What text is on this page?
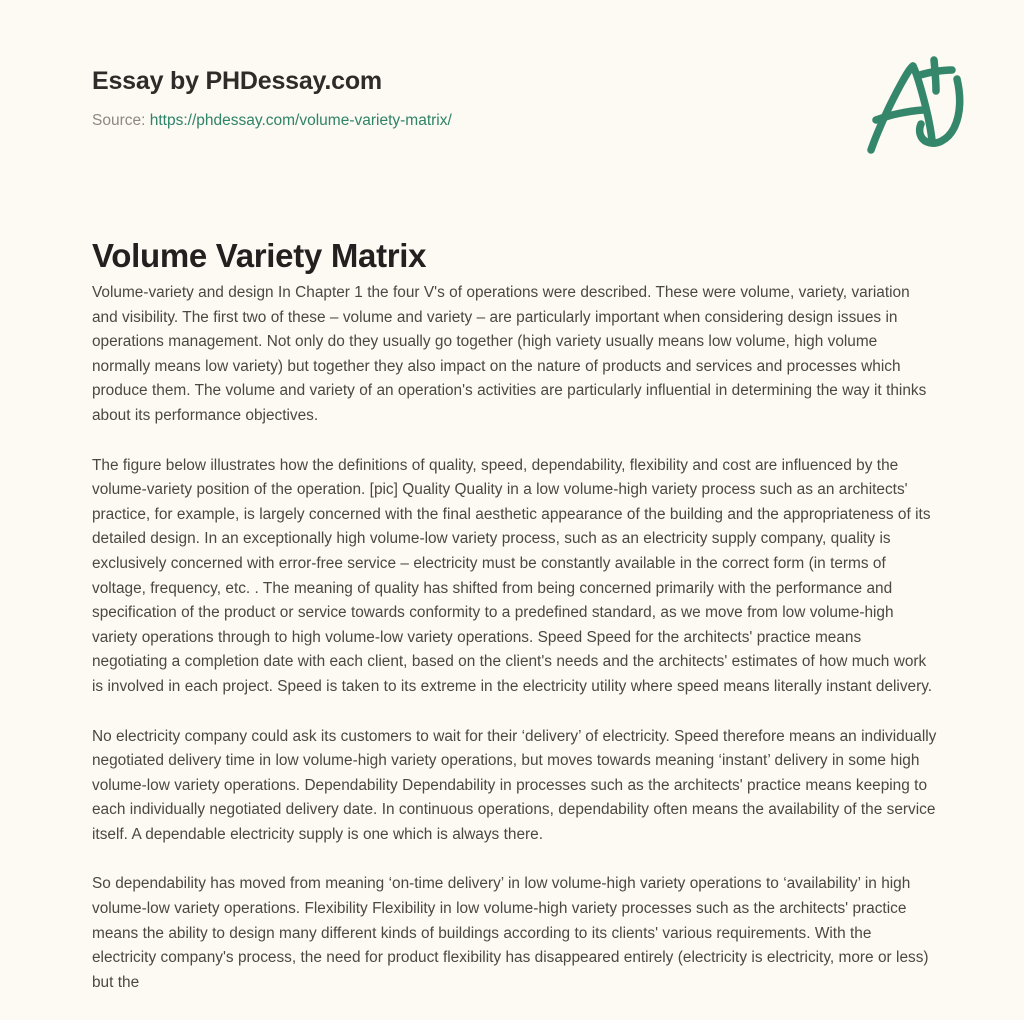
Essay by PHDessay.com
Source: https://phdessay.com/volume-variety-matrix/
Volume Variety Matrix

Volume-variety and design In Chapter 1 the four V's of operations were described. These were volume, variety, variation and visibility. The first two of these – volume and variety – are particularly important when considering design issues in operations management. Not only do they usually go together (high variety usually means low volume, high volume normally means low variety) but together they also impact on the nature of products and services and processes which produce them. The volume and variety of an operation's activities are particularly influential in determining the way it thinks about its performance objectives.

The figure below illustrates how the definitions of quality, speed, dependability, flexibility and cost are influenced by the volume-variety position of the operation. [pic] Quality Quality in a low volume-high variety process such as an architects' practice, for example, is largely concerned with the final aesthetic appearance of the building and the appropriateness of its detailed design. In an exceptionally high volume-low variety process, such as an electricity supply company, quality is exclusively concerned with error-free service – electricity must be constantly available in the correct form (in terms of voltage, frequency, etc. . The meaning of quality has shifted from being concerned primarily with the performance and specification of the product or service towards conformity to a predefined standard, as we move from low volume-high variety operations through to high volume-low variety operations. Speed Speed for the architects' practice means negotiating a completion date with each client, based on the client's needs and the architects' estimates of how much work is involved in each project. Speed is taken to its extreme in the electricity utility where speed means literally instant delivery.

No electricity company could ask its customers to wait for their ‘delivery’ of electricity. Speed therefore means an individually negotiated delivery time in low volume-high variety operations, but moves towards meaning ‘instant’ delivery in some high volume-low variety operations. Dependability Dependability in processes such as the architects' practice means keeping to each individually negotiated delivery date. In continuous operations, dependability often means the availability of the service itself. A dependable electricity supply is one which is always there.

So dependability has moved from meaning ‘on-time delivery’ in low volume-high variety operations to ‘availability’ in high volume-low variety operations. Flexibility Flexibility in low volume-high variety processes such as the architects' practice means the ability to design many different kinds of buildings according to its clients' various requirements. With the electricity company's process, the need for product flexibility has disappeared entirely (electricity is electricity, more or less) but the
